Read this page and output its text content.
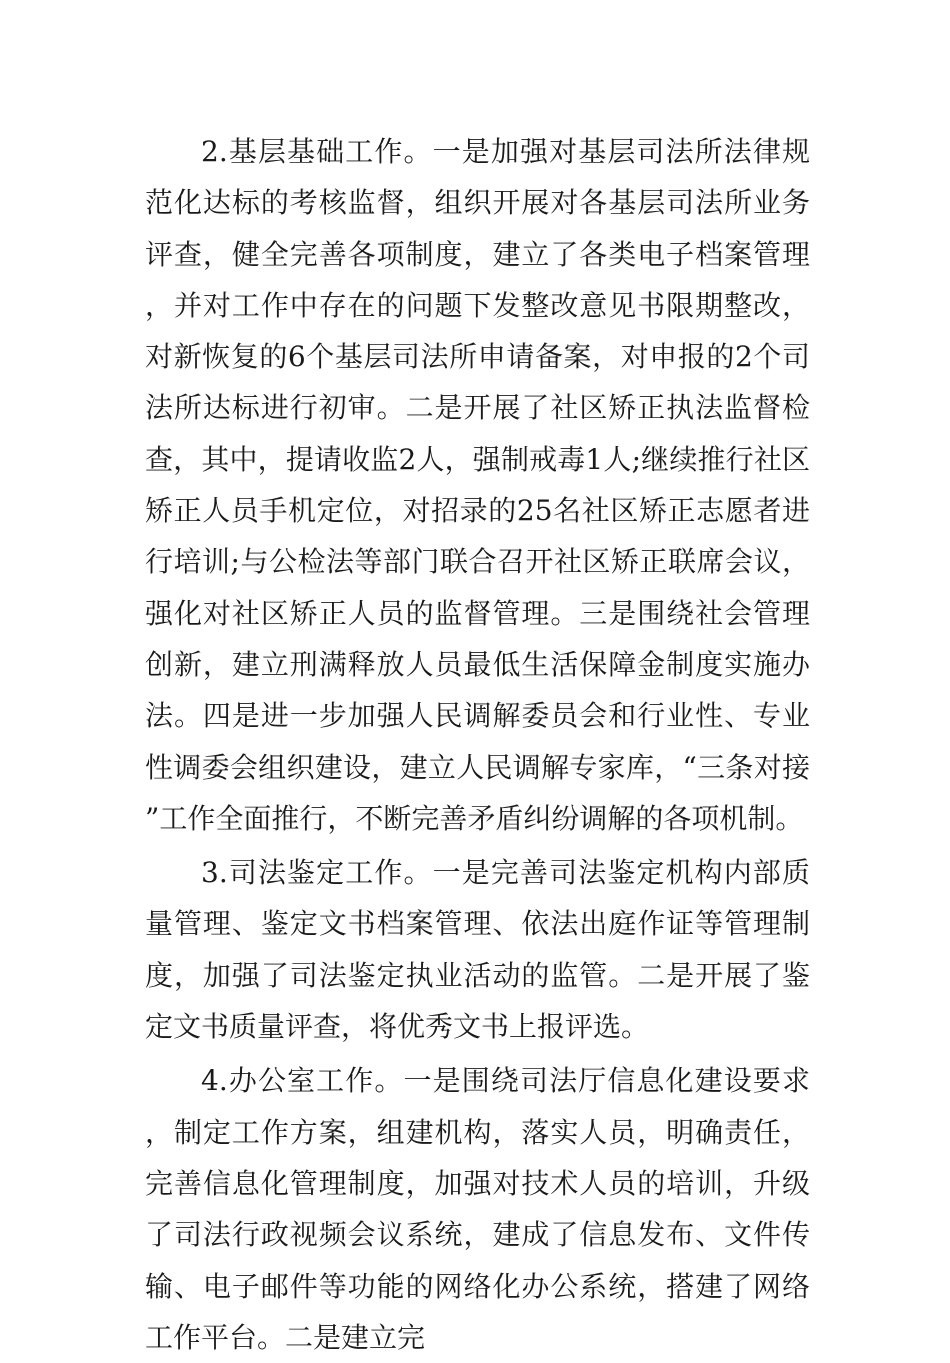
2.基层基础工作。一是加强对基层司法所法律规范化达标的考核监督，组织开展对各基层司法所业务评查，健全完善各项制度，建立了各类电子档案管理，并对工作中存在的问题下发整改意见书限期整改，对新恢复的6个基层司法所申请备案，对申报的2个司法所达标进行初审。二是开展了社区矫正执法监督检查，其中，提请收监2人，强制戒毒1人;继续推行社区矫正人员手机定位，对招录的25名社区矫正志愿者进行培训;与公检法等部门联合召开社区矫正联席会议，强化对社区矫正人员的监督管理。三是围绕社会管理创新，建立刑满释放人员最低生活保障金制度实施办法。四是进一步加强人民调解委员会和行业性、专业性调委会组织建设，建立人民调解专家库，“三条对接”工作全面推行，不断完善矛盾纠纷调解的各项机制。

3.司法鉴定工作。一是完善司法鉴定机构内部质量管理、鉴定文书档案管理、依法出庭作证等管理制度，加强了司法鉴定执业活动的监管。二是开展了鉴定文书质量评查，将优秀文书上报评选。

4.办公室工作。一是围绕司法厅信息化建设要求，制定工作方案，组建机构，落实人员，明确责任，完善信息化管理制度，加强对技术人员的培训，升级了司法行政视频会议系统，建成了信息发布、文件传输、电子邮件等功能的网络化办公系统，搭建了网络工作平台。二是建立完
